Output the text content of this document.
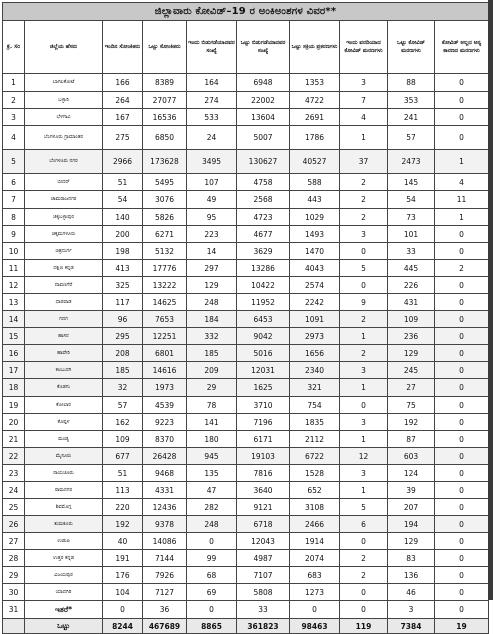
ಜಿಲ್ಲಾವಾರು ಕೋವಿಡ್–19 ರ ಅಂಕಿಅಂಶಗಳ ವಿವರ**									
ಕ್ರ. ಸಂ	ಜಿಲ್ಲೆಯ ಹೆಸರು	ಇಂದಿನ ಸೋಂಕಿತರು	ಒಟ್ಟು ಸೋಂಕಿತರು	ಇಂದು ಬಿಡುಗಡೆಯಾದವರ ಸಂಖ್ಯೆ	ಒಟ್ಟು ಬಿಡುಗಡೆಯಾದವರ ಸಂಖ್ಯೆ	ಒಟ್ಟು ಸಕ್ರಿಯ ಪ್ರಕರಣಗಳು	ಇಂದು ವರದಿಯಾದ ಕೋವಿಡ್ ಮರಣಗಳು	ಒಟ್ಟು ಕೋವಿಡ್ ಮರಣಗಳು	ಕೋವಿಡ್ ಅಲ್ಲದ ಅನ್ಯ ಕಾರಣದ ಮರಣಗಳು
1	ಬಾಗಲಕೋಟೆ	166	8389	164	6948	1353	3	88	0
2	ಬಳ್ಳಾರಿ	264	27077	274	22002	4722	7	353	0
3	ಬೆಳಗಾವಿ	167	16536	533	13604	2691	4	241	0
4	ಬೆಂಗಳೂರು ಗ್ರಾಮಾಂತರ	275	6850	24	5007	1786	1	57	0
5	ಬೆಂಗಳೂರು ನಗರ	2966	173628	3495	130627	40527	37	2473	1
6	ಬೀದರ್	51	5495	107	4758	588	2	145	4
7	ಚಾಮರಾಜನಗರ	54	3076	49	2568	443	2	54	11
8	ಚಿಕ್ಕಬಳ್ಳಾಪುರ	140	5826	95	4723	1029	2	73	1
9	ಚಿಕ್ಕಮಗಳೂರು	200	6271	223	4677	1493	3	101	0
10	ಚಿತ್ರದುರ್ಗ	198	5132	14	3629	1470	0	33	0
11	ದಕ್ಷಿಣ ಕನ್ನಡ	413	17776	297	13286	4043	5	445	2
12	ದಾವಣಗೆರೆ	325	13222	129	10422	2574	0	226	0
13	ಧಾರವಾಡ	117	14625	248	11952	2242	9	431	0
14	ಗದಗ	96	7653	184	6453	1091	2	109	0
15	ಹಾಸನ	295	12251	332	9042	2973	1	236	0
16	ಹಾವೇರಿ	208	6801	185	5016	1656	2	129	0
17	ಕಲಬುರಗಿ	185	14616	209	12031	2340	3	245	0
18	ಕೊಡಗು	32	1973	29	1625	321	1	27	0
19	ಕೋಲಾರ	57	4539	78	3710	754	0	75	0
20	ಕೊಪ್ಪಳ	162	9223	141	7196	1835	3	192	0
21	ಮಂಡ್ಯ	109	8370	180	6171	2112	1	87	0
22	ಮೈಸೂರು	677	26428	945	19103	6722	12	603	0
23	ರಾಯಚೂರು	51	9468	135	7816	1528	3	124	0
24	ರಾಮನಗರ	113	4331	47	3640	652	1	39	0
25	ಶಿವಮೊಗ್ಗ	220	12436	282	9121	3108	5	207	0
26	ತುಮಕೂರು	192	9378	248	6718	2466	6	194	0
27	ಉಡುಪಿ	40	14086	0	12043	1914	0	129	0
28	ಉತ್ತರ ಕನ್ನಡ	191	7144	99	4987	2074	2	83	0
29	ವಿಜಯಪುರ	176	7926	68	7107	683	2	136	0
30	ಯಾದಗಿರಿ	104	7127	69	5808	1273	0	46	0
31	ಇತರೆ*	0	36	0	33	0	0	3	0
	ಒಟ್ಟು	8244	467689	8865	361823	98463	119	7384	19
